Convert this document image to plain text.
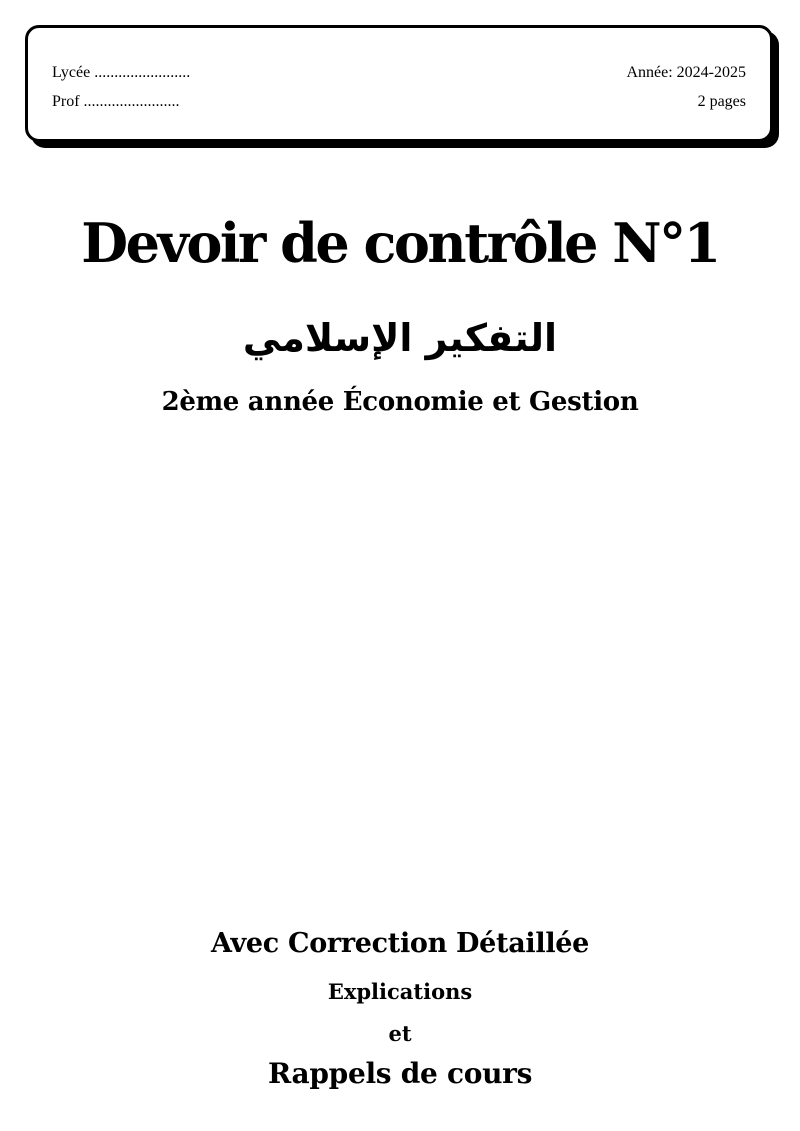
Lycée ........................
Prof ........................
Année: 2024-2025
2 pages
Devoir de contrôle N°1
التفكير الإسلامي
2ème année Économie et Gestion
Avec Correction Détaillée
Explications
et
Rappels de cours
